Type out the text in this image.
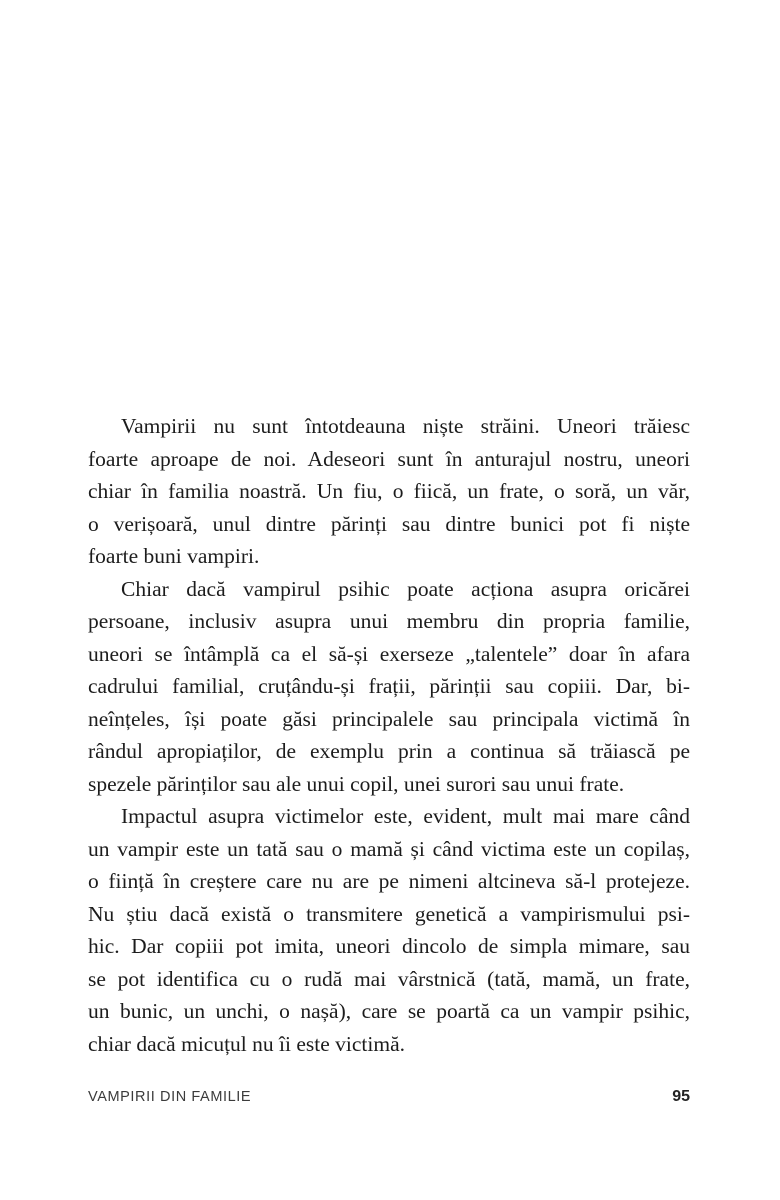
Vampirii nu sunt întotdeauna niște străini. Uneori trăiesc
foarte aproape de noi. Adeseori sunt în anturajul nostru, uneori
chiar în familia noastră. Un fiu, o fiică, un frate, o soră, un văr,
o verișoară, unul dintre părinți sau dintre bunici pot fi niște
foarte buni vampiri.
Chiar dacă vampirul psihic poate acționa asupra oricărei
persoane, inclusiv asupra unui membru din propria familie,
uneori se întâmplă ca el să-și exerseze „talentele” doar în afara
cadrului familial, cruțându-și frații, părinții sau copiii. Dar, bi-
neînțeles, își poate găsi principalele sau principala victimă în
rândul apropiaților, de exemplu prin a continua să trăiască pe
spezele părinților sau ale unui copil, unei surori sau unui frate.
Impactul asupra victimelor este, evident, mult mai mare când
un vampir este un tată sau o mamă și când victima este un copilaș,
o ființă în creștere care nu are pe nimeni altcineva să-l protejeze.
Nu știu dacă există o transmitere genetică a vampirismului psi-
hic. Dar copiii pot imita, uneori dincolo de simpla mimare, sau
se pot identifica cu o rudă mai vârstnică (tată, mamă, un frate,
un bunic, un unchi, o nașă), care se poartă ca un vampir psihic,
chiar dacă micuțul nu îi este victimă.
VAMPIRII DIN FAMILIE	95
